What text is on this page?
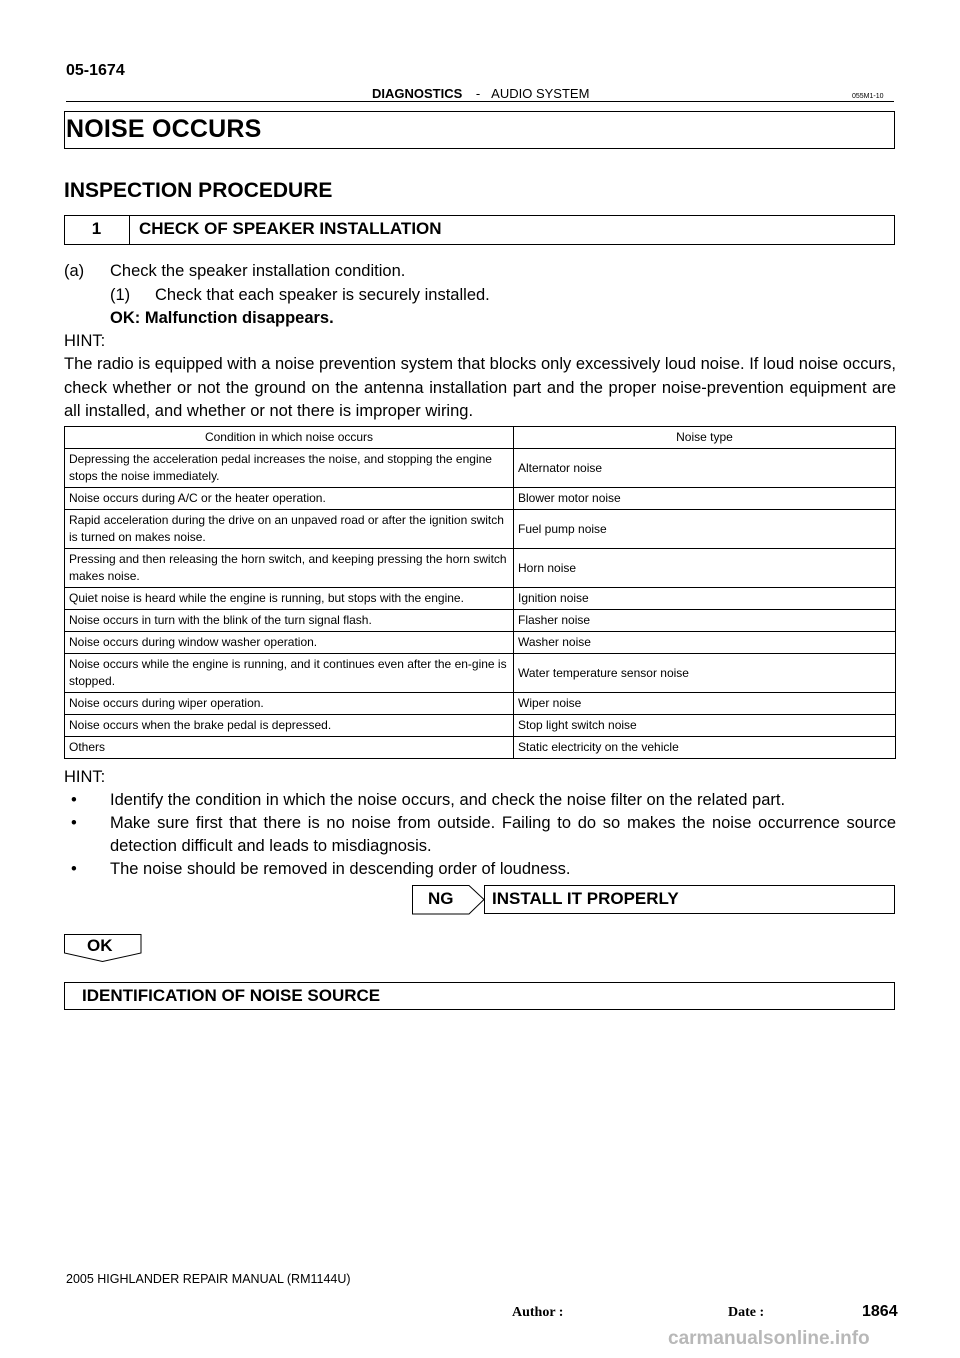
05-1674
DIAGNOSTICS - AUDIO SYSTEM	055M1-10
NOISE OCCURS
INSPECTION PROCEDURE
1	CHECK OF SPEAKER INSTALLATION
(a) Check the speaker installation condition.
(1) Check that each speaker is securely installed.
OK: Malfunction disappears.
HINT:
The radio is equipped with a noise prevention system that blocks only excessively loud noise. If loud noise occurs, check whether or not the ground on the antenna installation part and the proper noise-prevention equipment are all installed, and whether or not there is improper wiring.
Condition in which noise occurs	Noise type
Depressing the acceleration pedal increases the noise, and stopping the engine stops the noise immediately.	Alternator noise
Noise occurs during A/C or the heater operation.	Blower motor noise
Rapid acceleration during the drive on an unpaved road or after the ignition switch is turned on makes noise.	Fuel pump noise
Pressing and then releasing the horn switch, and keeping pressing the horn switch makes noise.	Horn noise
Quiet noise is heard while the engine is running, but stops with the engine.	Ignition noise
Noise occurs in turn with the blink of the turn signal flash.	Flasher noise
Noise occurs during window washer operation.	Washer noise
Noise occurs while the engine is running, and it continues even after the en-gine is stopped.	Water temperature sensor noise
Noise occurs during wiper operation.	Wiper noise
Noise occurs when the brake pedal is depressed.	Stop light switch noise
Others	Static electricity on the vehicle
HINT:
• Identify the condition in which the noise occurs, and check the noise filter on the related part.
• Make sure first that there is no noise from outside. Failing to do so makes the noise occurrence source detection difficult and leads to misdiagnosis.
• The noise should be removed in descending order of loudness.
NG INSTALL IT PROPERLY
OK
IDENTIFICATION OF NOISE SOURCE
2005 HIGHLANDER REPAIR MANUAL (RM1144U)
Author :	Date :	1864
carmanualsonline.info
